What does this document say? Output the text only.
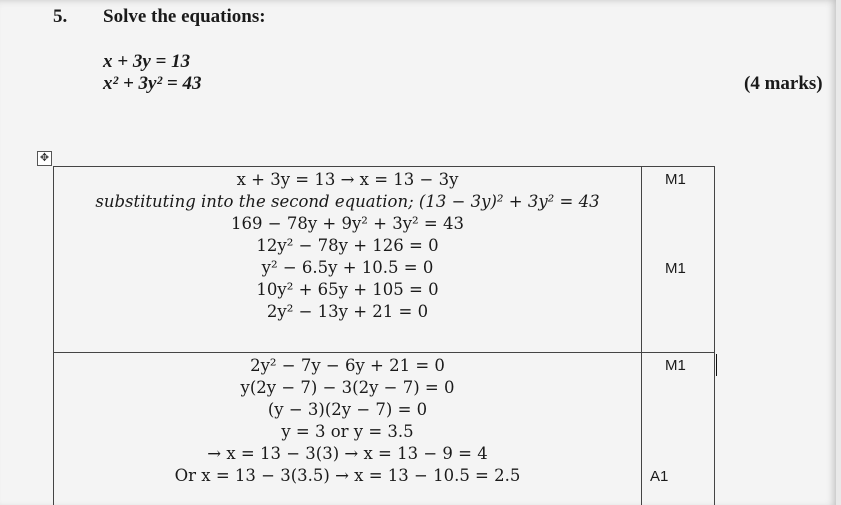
5. Solve the equations:
x + 3y = 13
x² + 3y² = 43	(4 marks)
✥
x + 3y = 13 → x = 13 − 3y
substituting into the second equation; (13 − 3y)² + 3y² = 43
169 − 78y + 9y² + 3y² = 43
12y² − 78y + 126 = 0
y² − 6.5y + 10.5 = 0
10y² + 65y + 105 = 0
2y² − 13y + 21 = 0
M1
M1
2y² − 7y − 6y + 21 = 0
y(2y − 7) − 3(2y − 7) = 0
(y − 3)(2y − 7) = 0
y = 3 or y = 3.5
→ x = 13 − 3(3) → x = 13 − 9 = 4
Or x = 13 − 3(3.5) → x = 13 − 10.5 = 2.5
M1
A1
